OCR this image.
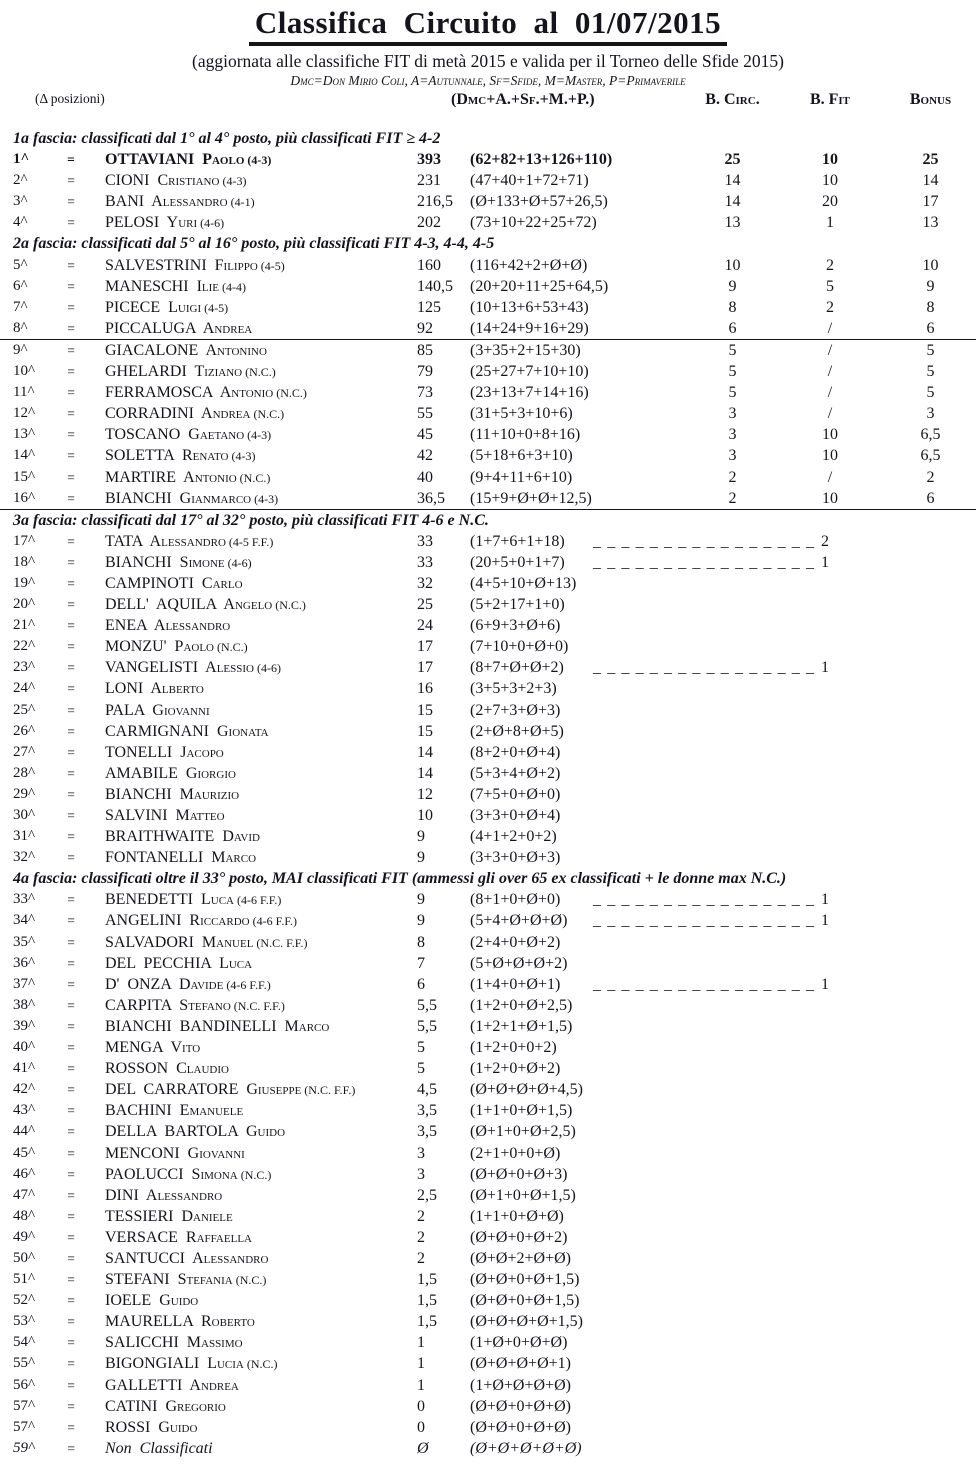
Classifica Circuito al 01/07/2015
(aggiornata alle classifiche FIT di metà 2015 e valida per il Torneo delle Sfide 2015)
Dmc=Don Mirio Coli, A=Autunnale, Sf=Sfide, M=Master, P=Primaverile
(Δ posizioni)	(Dmc+A.+Sf.+M.+P.)	B. Circ.	B. Fit	Bonus
1a fascia: classificati dal 1° al 4° posto, più classificati FIT ≥ 4-2
1^	=	OTTAVIANI Paolo (4-3)	393	(62+82+13+126+110)	25	10	25
2^	=	CIONI Cristiano (4-3)	231	(47+40+1+72+71)	14	10	14
3^	=	BANI Alessandro (4-1)	216,5	(Ø+133+Ø+57+26,5)	14	20	17
4^	=	PELOSI Yuri (4-6)	202	(73+10+22+25+72)	13	1	13
2a fascia: classificati dal 5° al 16° posto, più classificati FIT 4-3, 4-4, 4-5
5^	=	SALVESTRINI Filippo (4-5)	160	(116+42+2+Ø+Ø)	10	2	10
6^	=	MANESCHI Ilie (4-4)	140,5	(20+20+11+25+64,5)	9	5	9
7^	=	PICECE Luigi (4-5)	125	(10+13+6+53+43)	8	2	8
8^	=	PICCALUGA Andrea	92	(14+24+9+16+29)	6	/	6
9^	=	GIACALONE Antonino	85	(3+35+2+15+30)	5	/	5
10^	=	GHELARDI Tiziano (N.C.)	79	(25+27+7+10+10)	5	/	5
11^	=	FERRAMOSCA Antonio (N.C.)	73	(23+13+7+14+16)	5	/	5
12^	=	CORRADINI Andrea (N.C.)	55	(31+5+3+10+6)	3	/	3
13^	=	TOSCANO Gaetano (4-3)	45	(11+10+0+8+16)	3	10	6,5
14^	=	SOLETTA Renato (4-3)	42	(5+18+6+3+10)	3	10	6,5
15^	=	MARTIRE Antonio (N.C.)	40	(9+4+11+6+10)	2	/	2
16^	=	BIANCHI Gianmarco (4-3)	36,5	(15+9+Ø+Ø+12,5)	2	10	6
3a fascia: classificati dal 17° al 32° posto, più classificati FIT 4-6 e N.C.
17^	=	TATA Alessandro (4-5 F.F.)	33	(1+7+6+1+18)	_ _ _ _ _ _ _ _ _ _ _ _ _ _ _ _ 2
18^	=	BIANCHI Simone (4-6)	33	(20+5+0+1+7)	_ _ _ _ _ _ _ _ _ _ _ _ _ _ _ _ 1
19^	=	CAMPINOTI Carlo	32	(4+5+10+Ø+13)
20^	=	DELL' AQUILA Angelo (N.C.)	25	(5+2+17+1+0)
21^	=	ENEA Alessandro	24	(6+9+3+Ø+6)
22^	=	MONZU' Paolo (N.C.)	17	(7+10+0+Ø+0)
23^	=	VANGELISTI Alessio (4-6)	17	(8+7+Ø+Ø+2)	_ _ _ _ _ _ _ _ _ _ _ _ _ _ _ _ 1
24^	=	LONI Alberto	16	(3+5+3+2+3)
25^	=	PALA Giovanni	15	(2+7+3+Ø+3)
26^	=	CARMIGNANI Gionata	15	(2+Ø+8+Ø+5)
27^	=	TONELLI Jacopo	14	(8+2+0+Ø+4)
28^	=	AMABILE Giorgio	14	(5+3+4+Ø+2)
29^	=	BIANCHI Maurizio	12	(7+5+0+Ø+0)
30^	=	SALVINI Matteo	10	(3+3+0+Ø+4)
31^	=	BRAITHWAITE David	9	(4+1+2+0+2)
32^	=	FONTANELLI Marco	9	(3+3+0+Ø+3)
4a fascia: classificati oltre il 33° posto, MAI classificati FIT (ammessi gli over 65 ex classificati + le donne max N.C.)
33^	=	BENEDETTI Luca (4-6 F.F.)	9	(8+1+0+Ø+0)	_ _ _ _ _ _ _ _ _ _ _ _ _ _ _ _ 1
34^	=	ANGELINI Riccardo (4-6 F.F.)	9	(5+4+Ø+Ø+Ø)	_ _ _ _ _ _ _ _ _ _ _ _ _ _ _ _ 1
35^	=	SALVADORI Manuel (N.C. F.F.)	8	(2+4+0+Ø+2)
36^	=	DEL PECCHIA Luca	7	(5+Ø+Ø+Ø+2)
37^	=	D' ONZA Davide (4-6 F.F.)	6	(1+4+0+Ø+1)	_ _ _ _ _ _ _ _ _ _ _ _ _ _ _ _ 1
38^	=	CARPITA Stefano (N.C. F.F.)	5,5	(1+2+0+Ø+2,5)
39^	=	BIANCHI BANDINELLI Marco	5,5	(1+2+1+Ø+1,5)
40^	=	MENGA Vito	5	(1+2+0+0+2)
41^	=	ROSSON Claudio	5	(1+2+0+Ø+2)
42^	=	DEL CARRATORE Giuseppe (N.C. F.F.)	4,5	(Ø+Ø+Ø+Ø+4,5)
43^	=	BACHINI Emanuele	3,5	(1+1+0+Ø+1,5)
44^	=	DELLA BARTOLA Guido	3,5	(Ø+1+0+Ø+2,5)
45^	=	MENCONI Giovanni	3	(2+1+0+0+Ø)
46^	=	PAOLUCCI Simona (N.C.)	3	(Ø+Ø+0+Ø+3)
47^	=	DINI Alessandro	2,5	(Ø+1+0+Ø+1,5)
48^	=	TESSIERI Daniele	2	(1+1+0+Ø+Ø)
49^	=	VERSACE Raffaella	2	(Ø+Ø+0+Ø+2)
50^	=	SANTUCCI Alessandro	2	(Ø+Ø+2+Ø+Ø)
51^	=	STEFANI Stefania (N.C.)	1,5	(Ø+Ø+0+Ø+1,5)
52^	=	IOELE Guido	1,5	(Ø+Ø+0+Ø+1,5)
53^	=	MAURELLA Roberto	1,5	(Ø+Ø+Ø+Ø+1,5)
54^	=	SALICCHI Massimo	1	(1+Ø+0+Ø+Ø)
55^	=	BIGONGIALI Lucia (N.C.)	1	(Ø+Ø+Ø+Ø+1)
56^	=	GALLETTI Andrea	1	(1+Ø+Ø+Ø+Ø)
57^	=	CATINI Gregorio	0	(Ø+Ø+0+Ø+Ø)
57^	=	ROSSI Guido	0	(Ø+Ø+0+Ø+Ø)
59^	=	Non Classificati	Ø	(Ø+Ø+Ø+Ø+Ø)
